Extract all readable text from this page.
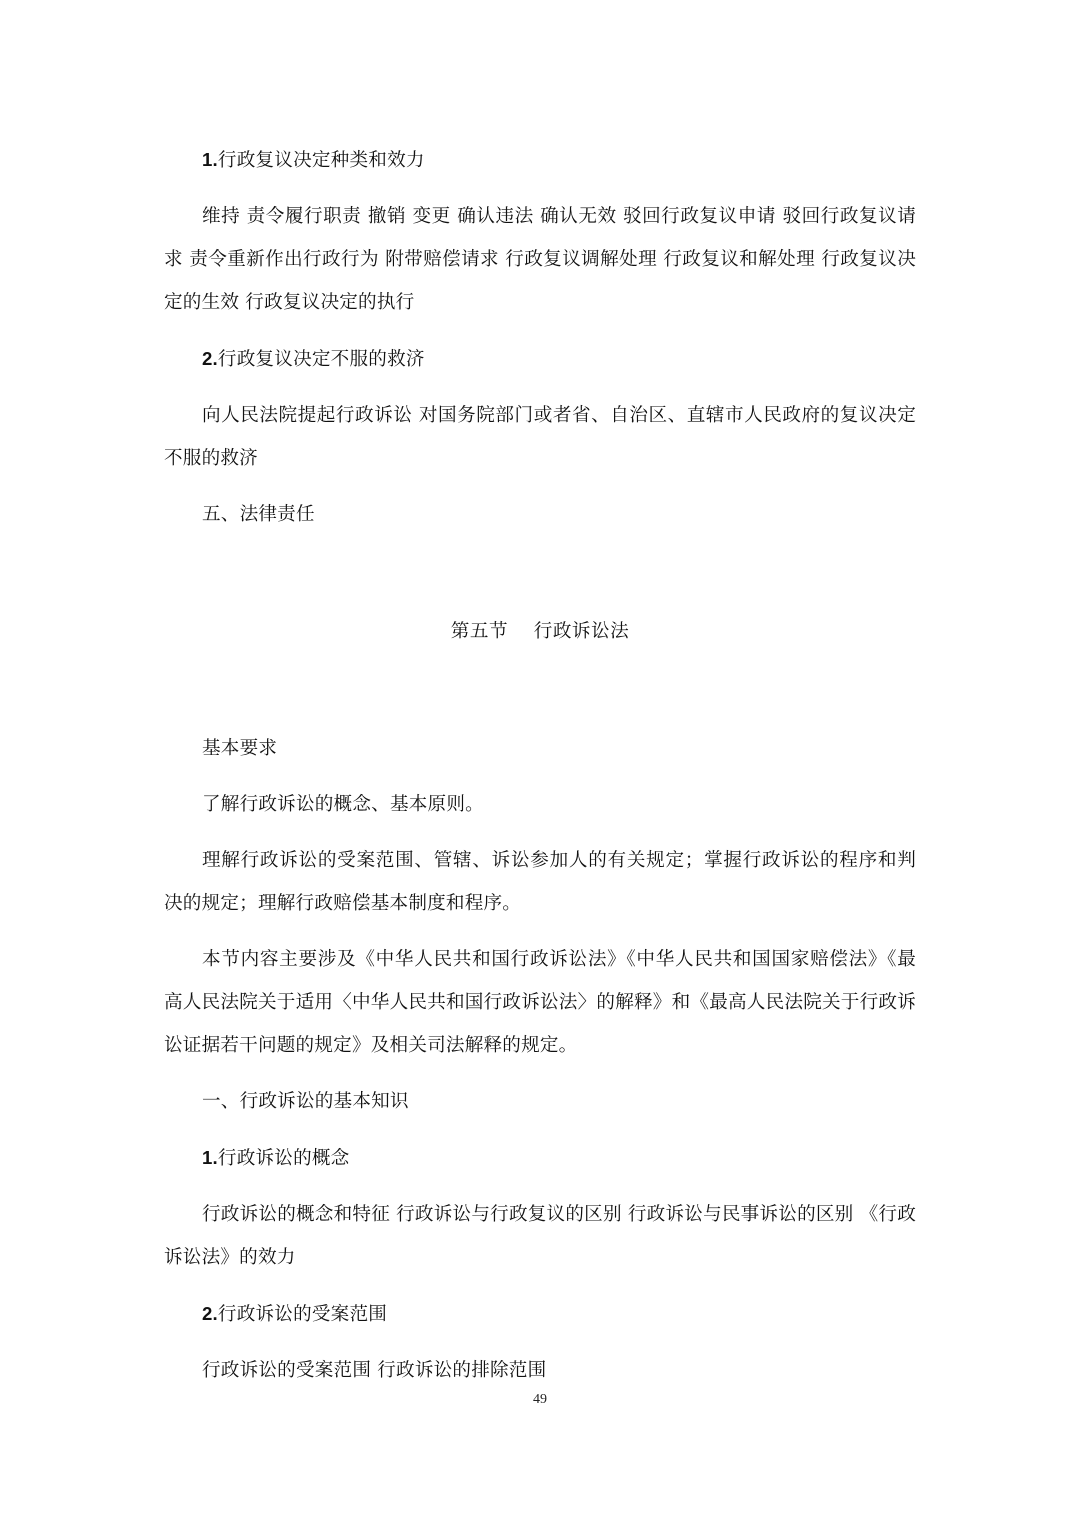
1.行政复议决定种类和效力

维持 责令履行职责 撤销 变更 确认违法 确认无效 驳回行政复议申请 驳回行政复议请求 责令重新作出行政行为 附带赔偿请求 行政复议调解处理 行政复议和解处理 行政复议决定的生效 行政复议决定的执行

2.行政复议决定不服的救济

向人民法院提起行政诉讼 对国务院部门或者省、自治区、直辖市人民政府的复议决定不服的救济

五、法律责任

第五节    行政诉讼法

基本要求

了解行政诉讼的概念、基本原则。

理解行政诉讼的受案范围、管辖、诉讼参加人的有关规定；掌握行政诉讼的程序和判决的规定；理解行政赔偿基本制度和程序。

本节内容主要涉及《中华人民共和国行政诉讼法》《中华人民共和国国家赔偿法》《最高人民法院关于适用〈中华人民共和国行政诉讼法〉的解释》和《最高人民法院关于行政诉讼证据若干问题的规定》及相关司法解释的规定。

一、行政诉讼的基本知识

1.行政诉讼的概念

行政诉讼的概念和特征 行政诉讼与行政复议的区别 行政诉讼与民事诉讼的区别 《行政诉讼法》的效力

2.行政诉讼的受案范围

行政诉讼的受案范围 行政诉讼的排除范围

49
